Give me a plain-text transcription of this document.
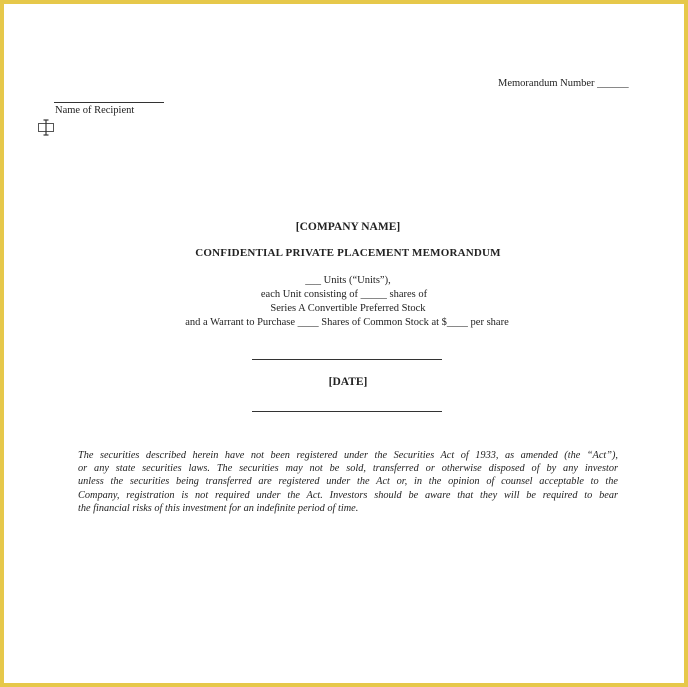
Memorandum Number ______
Name of Recipient
[COMPANY NAME]
CONFIDENTIAL PRIVATE PLACEMENT MEMORANDUM
___ Units (“Units”),
each Unit consisting of _____ shares of
Series A Convertible Preferred Stock
and a Warrant to Purchase ____ Shares of Common Stock at $____ per share
[DATE]
The securities described herein have not been registered under the Securities Act of 1933, as amended (the “Act”),
or any state securities laws. The securities may not be sold, transferred or otherwise disposed of by any investor
unless the securities being transferred are registered under the Act or, in the opinion of counsel acceptable to the
Company, registration is not required under the Act. Investors should be aware that they will be required to bear
the financial risks of this investment for an indefinite period of time.
